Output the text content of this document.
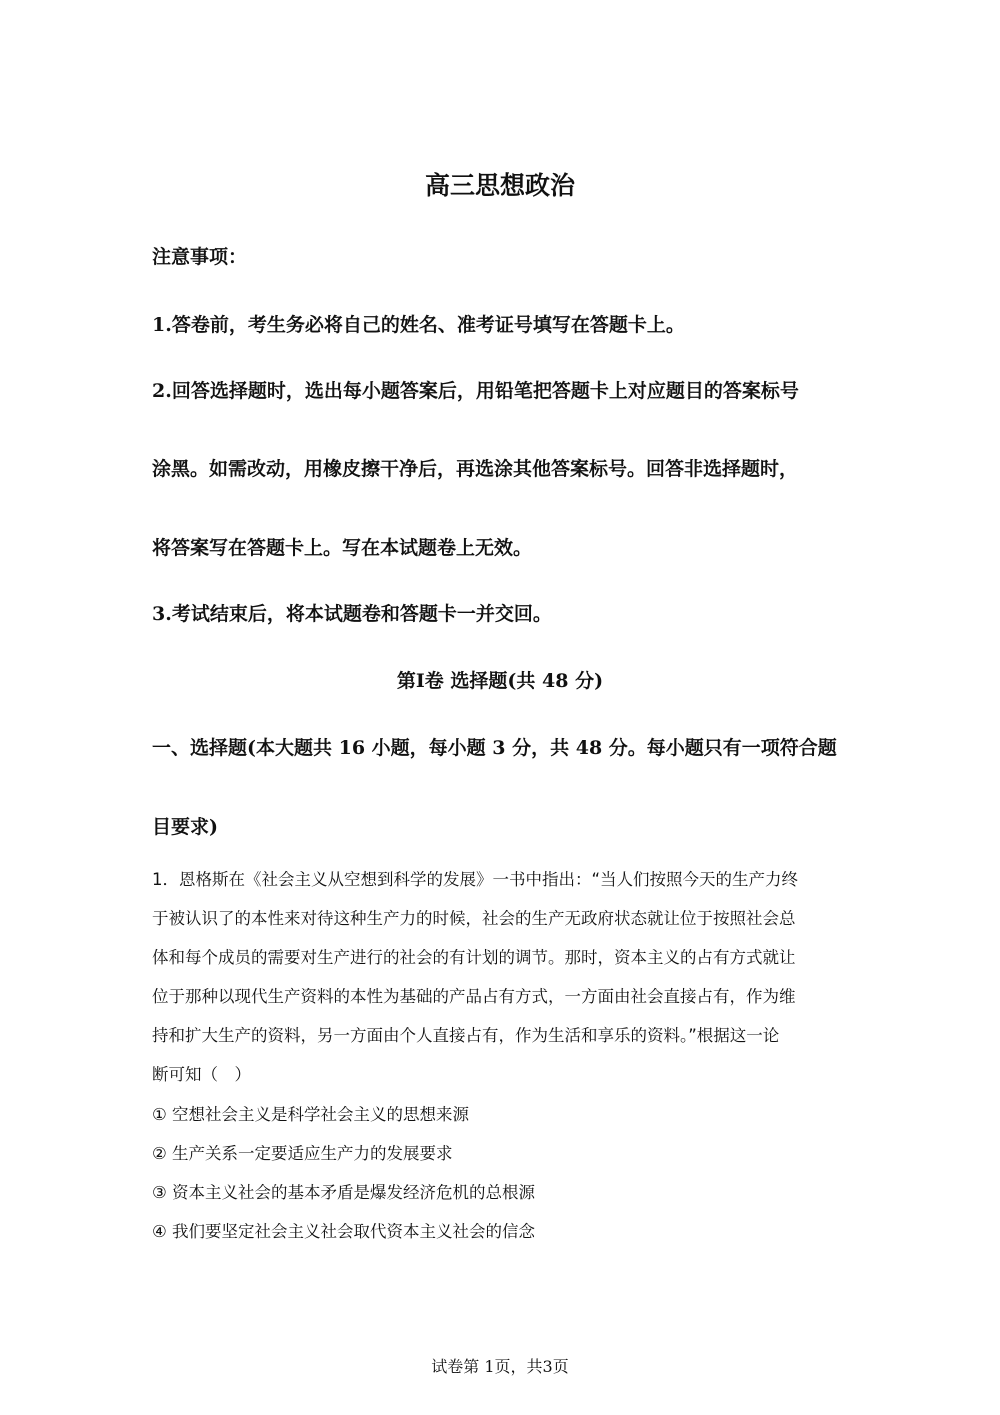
高三思想政治
注意事项：
1.答卷前，考生务必将自己的姓名、准考证号填写在答题卡上。
2.回答选择题时，选出每小题答案后，用铅笔把答题卡上对应题目的答案标号
涂黑。如需改动，用橡皮擦干净后，再选涂其他答案标号。回答非选择题时，
将答案写在答题卡上。写在本试题卷上无效。
3.考试结束后，将本试题卷和答题卡一并交回。
第Ⅰ卷 选择题(共 48 分)
一、选择题(本大题共 16 小题，每小题 3 分，共 48 分。每小题只有一项符合题
目要求)
1．恩格斯在《社会主义从空想到科学的发展》一书中指出：“当人们按照今天的生产力终
于被认识了的本性来对待这种生产力的时候，社会的生产无政府状态就让位于按照社会总
体和每个成员的需要对生产进行的社会的有计划的调节。那时，资本主义的占有方式就让
位于那种以现代生产资料的本性为基础的产品占有方式，一方面由社会直接占有，作为维
持和扩大生产的资料，另一方面由个人直接占有，作为生活和享乐的资料。”根据这一论
断可知（　）
① 空想社会主义是科学社会主义的思想来源
② 生产关系一定要适应生产力的发展要求
③ 资本主义社会的基本矛盾是爆发经济危机的总根源
④ 我们要坚定社会主义社会取代资本主义社会的信念
试卷第 1页，共3页
